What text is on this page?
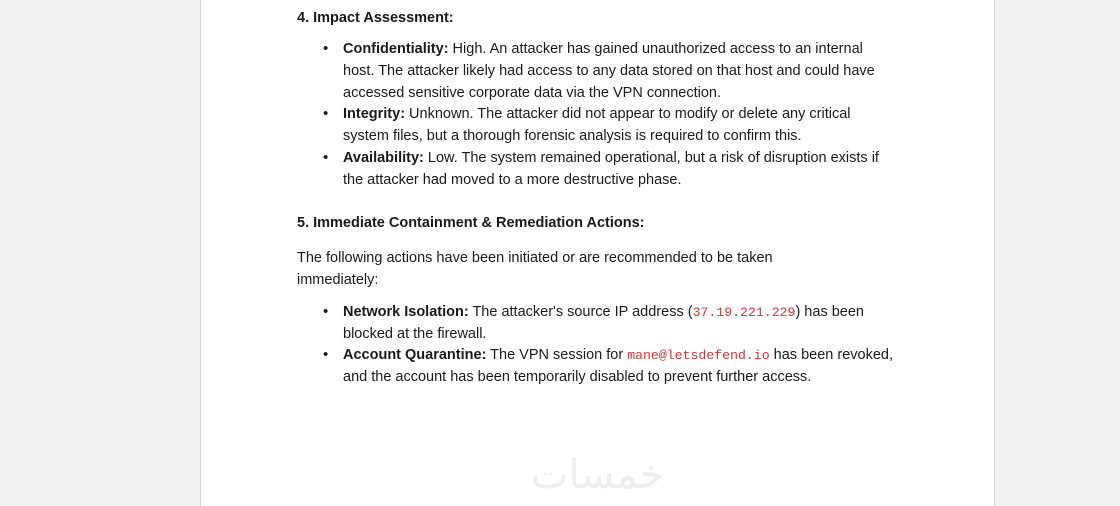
4. Impact Assessment:

• Confidentiality: High. An attacker has gained unauthorized access to an internal host. The attacker likely had access to any data stored on that host and could have accessed sensitive corporate data via the VPN connection.
• Integrity: Unknown. The attacker did not appear to modify or delete any critical system files, but a thorough forensic analysis is required to confirm this.
• Availability: Low. The system remained operational, but a risk of disruption exists if the attacker had moved to a more destructive phase.

5. Immediate Containment & Remediation Actions:

The following actions have been initiated or are recommended to be taken immediately:

• Network Isolation: The attacker's source IP address (37.19.221.229) has been blocked at the firewall.
• Account Quarantine: The VPN session for mane@letsdefend.io has been revoked, and the account has been temporarily disabled to prevent further access.
خمسات
